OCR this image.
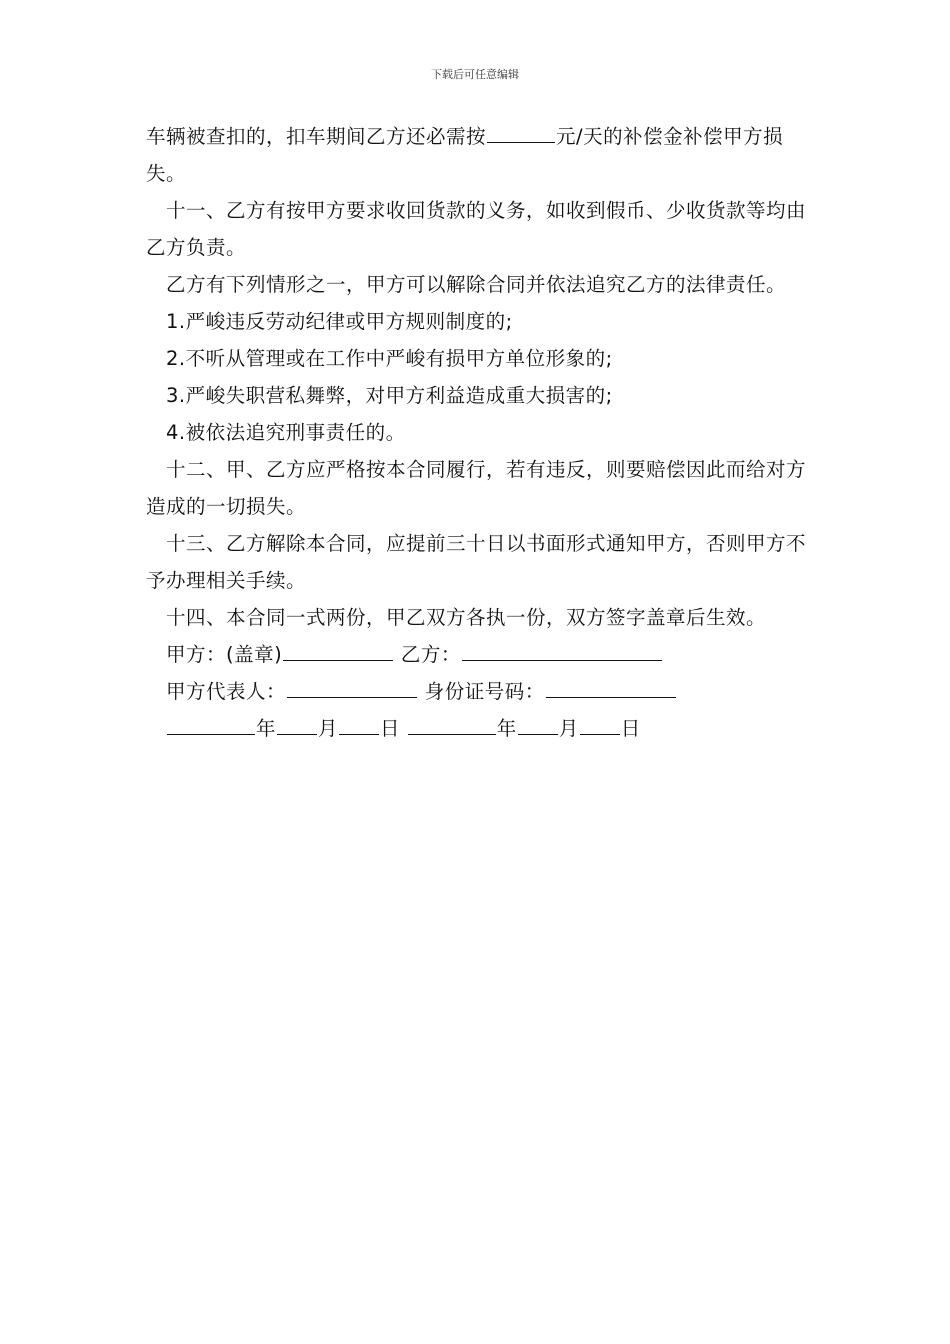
下载后可任意编辑

车辆被查扣的，扣车期间乙方还必需按	元/天的补偿金补偿甲方损失。

十一、乙方有按甲方要求收回货款的义务，如收到假币、少收货款等均由乙方负责。

乙方有下列情形之一，甲方可以解除合同并依法追究乙方的法律责任。

1.严峻违反劳动纪律或甲方规则制度的;

2.不听从管理或在工作中严峻有损甲方单位形象的;

3.严峻失职营私舞弊，对甲方利益造成重大损害的;

4.被依法追究刑事责任的。

十二、甲、乙方应严格按本合同履行，若有违反，则要赔偿因此而给对方造成的一切损失。

十三、乙方解除本合同，应提前三十日以书面形式通知甲方，否则甲方不予办理相关手续。

十四、本合同一式两份，甲乙双方各执一份，双方签字盖章后生效。

甲方：(盖章)	乙方：

甲方代表人：	身份证号码：

年 月 日	年 月 日
